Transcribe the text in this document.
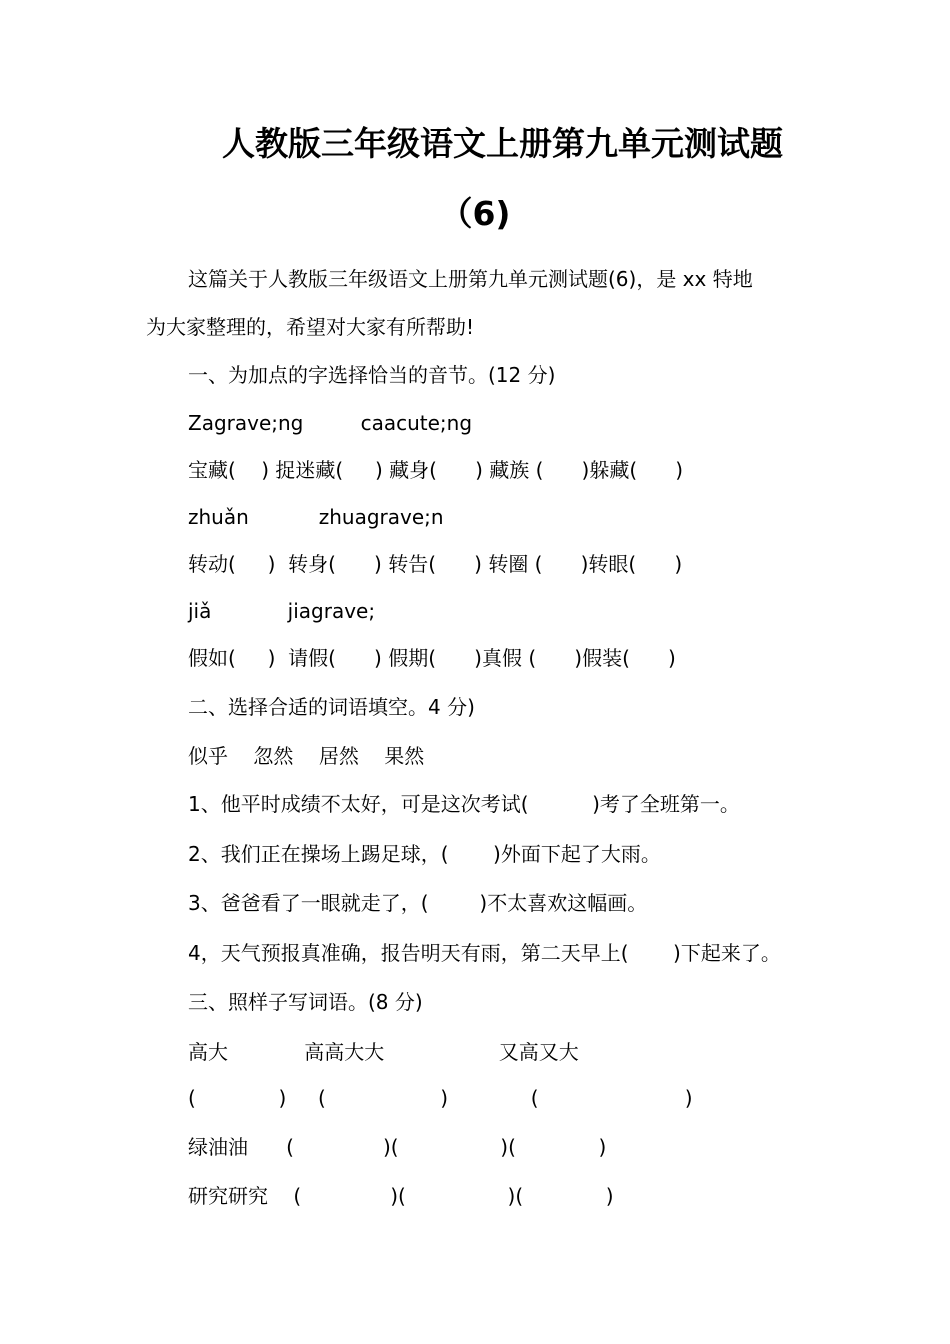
人教版三年级语文上册第九单元测试题
（6)
这篇关于人教版三年级语文上册第九单元测试题(6)，是 xx 特地
为大家整理的，希望对大家有所帮助!
一、为加点的字选择恰当的音节。(12 分)
Zagrave;ng         caacute;ng
宝藏(    ) 捉迷藏(     ) 藏身(      ) 藏族 (      )躲藏(      )
zhuǎn           zhuagrave;n
转动(     )  转身(      ) 转告(      ) 转圈 (      )转眼(      )
jiǎ            jiagrave;
假如(     )  请假(      ) 假期(      )真假 (      )假装(      )
二、选择合适的词语填空。4 分)
似乎    忽然    居然    果然
1、他平时成绩不太好，可是这次考试(          )考了全班第一。
2、我们正在操场上踢足球，(       )外面下起了大雨。
3、爸爸看了一眼就走了，(        )不太喜欢这幅画。
4，天气预报真准确，报告明天有雨，第二天早上(       )下起来了。
三、照样子写词语。(8 分)
高大            高高大大                  又高又大
(             )     (                  )             (                       )
绿油油      (              )(                )(             )
研究研究    (              )(                )(             )
